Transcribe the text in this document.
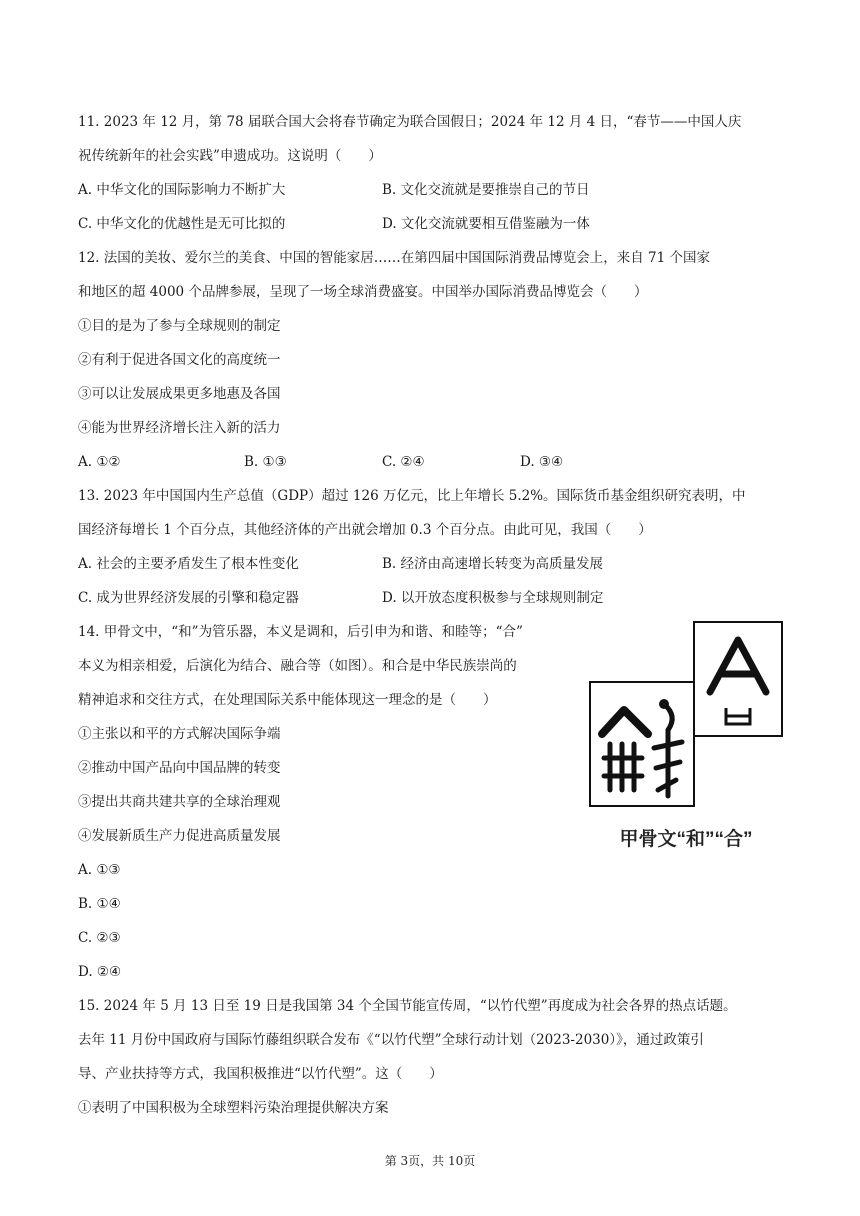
11. 2023 年 12 月，第 78 届联合国大会将春节确定为联合国假日；2024 年 12 月 4 日，“春节——中国人庆
祝传统新年的社会实践”申遗成功。这说明（　　）
A. 中华文化的国际影响力不断扩大	B. 文化交流就是要推崇自己的节日
C. 中华文化的优越性是无可比拟的	D. 文化交流就要相互借鉴融为一体
12. 法国的美妆、爱尔兰的美食、中国的智能家居……在第四届中国国际消费品博览会上，来自 71 个国家
和地区的超 4000 个品牌参展，呈现了一场全球消费盛宴。中国举办国际消费品博览会（　　）
①目的是为了参与全球规则的制定
②有利于促进各国文化的高度统一
③可以让发展成果更多地惠及各国
④能为世界经济增长注入新的活力
A. ①②	B. ①③	C. ②④	D. ③④
13. 2023 年中国国内生产总值（GDP）超过 126 万亿元，比上年增长 5.2%。国际货币基金组织研究表明，中
国经济每增长 1 个百分点，其他经济体的产出就会增加 0.3 个百分点。由此可见，我国（　　）
A. 社会的主要矛盾发生了根本性变化	B. 经济由高速增长转变为高质量发展
C. 成为世界经济发展的引擎和稳定器	D. 以开放态度积极参与全球规则制定
14. 甲骨文中，“和”为管乐器，本义是调和，后引申为和谐、和睦等；“合”
本义为相亲相爱，后演化为结合、融合等（如图）。和合是中华民族崇尚的
精神追求和交往方式，在处理国际关系中能体现这一理念的是（　　）
①主张以和平的方式解决国际争端
②推动中国产品向中国品牌的转变
③提出共商共建共享的全球治理观
④发展新质生产力促进高质量发展
A. ①③
B. ①④
C. ②③
D. ②④
甲骨文“和”“合”
15. 2024 年 5 月 13 日至 19 日是我国第 34 个全国节能宣传周，“以竹代塑”再度成为社会各界的热点话题。
去年 11 月份中国政府与国际竹藤组织联合发布《“以竹代塑”全球行动计划（2023-2030）》，通过政策引
导、产业扶持等方式，我国积极推进“以竹代塑”。这（　　）
①表明了中国积极为全球塑料污染治理提供解决方案
第 3页，共 10页
